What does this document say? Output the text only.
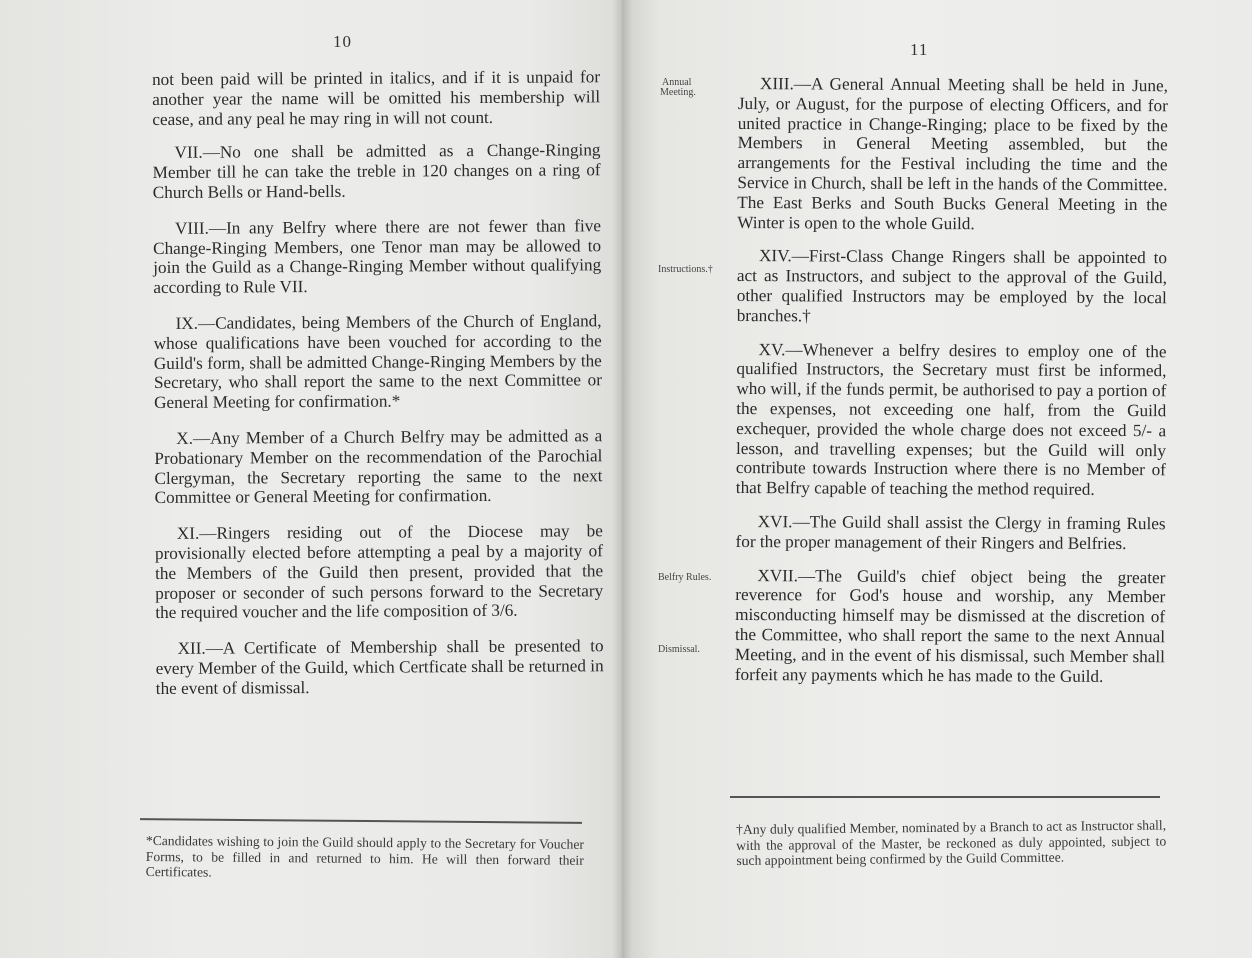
10

not been paid will be printed in italics, and if it is unpaid for another year the name will be omitted his membership will cease, and any peal he may ring in will not count.

VII.—No one shall be admitted as a Change-Ringing Member till he can take the treble in 120 changes on a ring of Church Bells or Hand-bells.

VIII.—In any Belfry where there are not fewer than five Change-Ringing Members, one Tenor man may be allowed to join the Guild as a Change-Ringing Member without qualifying according to Rule VII.

IX.—Candidates, being Members of the Church of England, whose qualifications have been vouched for according to the Guild's form, shall be admitted Change-Ringing Members by the Secretary, who shall report the same to the next Committee or General Meeting for confirmation.*

X.—Any Member of a Church Belfry may be admitted as a Probationary Member on the recommendation of the Parochial Clergyman, the Secretary reporting the same to the next Committee or General Meeting for confirmation.

XI.—Ringers residing out of the Diocese may be provisionally elected before attempting a peal by a majority of the Members of the Guild then present, provided that the proposer or seconder of such persons forward to the Secretary the required voucher and the life composition of 3/6.

XII.—A Certificate of Membership shall be presented to every Member of the Guild, which Certficate shall be returned in the event of dismissal.

*Candidates wishing to join the Guild should apply to the Secretary for Voucher Forms, to be filled in and returned to him. He will then forward their Certificates.
11
Annual
Meeting.
Instructions.†
Belfry Rules.
Dismissal.

XIII.—A General Annual Meeting shall be held in June, July, or August, for the purpose of electing Officers, and for united practice in Change-Ringing; place to be fixed by the Members in General Meeting assembled, but the arrangements for the Festival including the time and the Service in Church, shall be left in the hands of the Committee. The East Berks and South Bucks General Meeting in the Winter is open to the whole Guild.

XIV.—First-Class Change Ringers shall be appointed to act as Instructors, and subject to the approval of the Guild, other qualified Instructors may be employed by the local branches.†

XV.—Whenever a belfry desires to employ one of the qualified Instructors, the Secretary must first be informed, who will, if the funds permit, be authorised to pay a portion of the expenses, not exceeding one half, from the Guild exchequer, provided the whole charge does not exceed 5/- a lesson, and travelling expenses; but the Guild will only contribute towards Instruction where there is no Member of that Belfry capable of teaching the method required.

XVI.—The Guild shall assist the Clergy in framing Rules for the proper management of their Ringers and Belfries.

XVII.—The Guild's chief object being the greater reverence for God's house and worship, any Member misconducting himself may be dismissed at the discretion of the Committee, who shall report the same to the next Annual Meeting, and in the event of his dismissal, such Member shall forfeit any payments which he has made to the Guild.

†Any duly qualified Member, nominated by a Branch to act as Instructor shall, with the approval of the Master, be reckoned as duly appointed, subject to such appointment being confirmed by the Guild Committee.
